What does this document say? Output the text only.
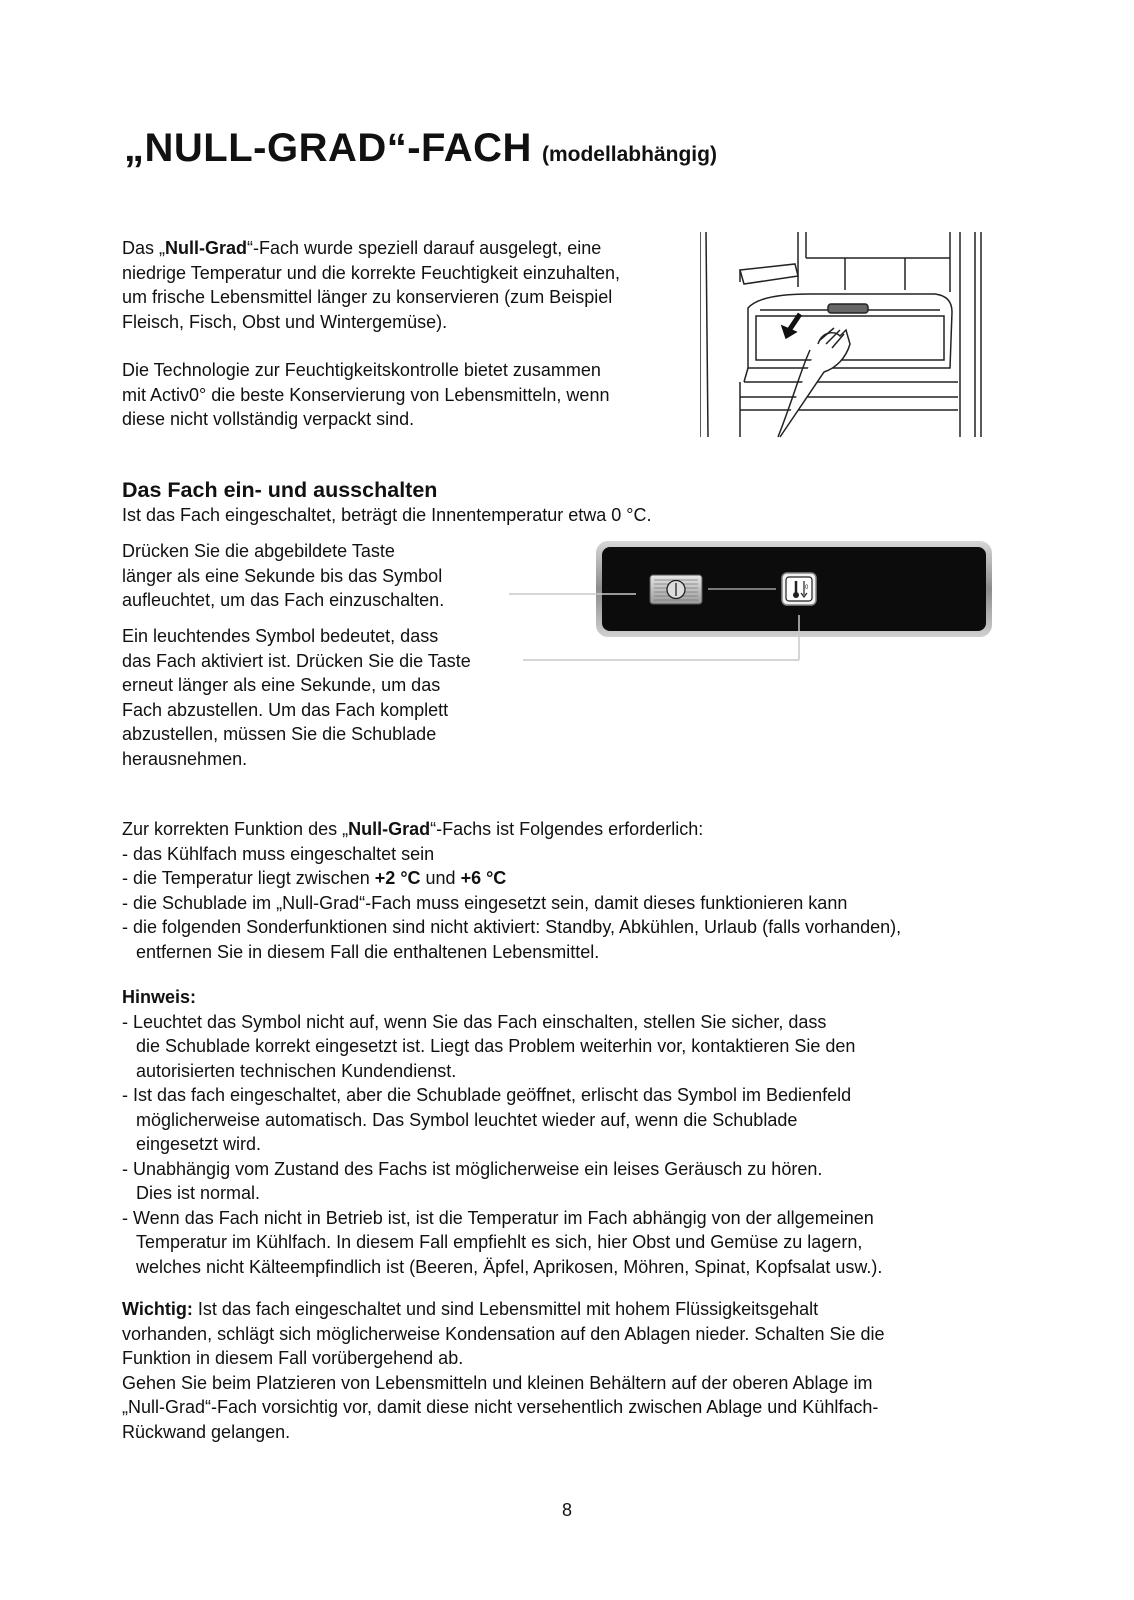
„NULL-GRAD“-FACH (modellabhängig)
Das „Null-Grad“-Fach wurde speziell darauf ausgelegt, eine
niedrige Temperatur und die korrekte Feuchtigkeit einzuhalten,
um frische Lebensmittel länger zu konservieren (zum Beispiel
Fleisch, Fisch, Obst und Wintergemüse).
Die Technologie zur Feuchtigkeitskontrolle bietet zusammen
mit Activ0° die beste Konservierung von Lebensmitteln, wenn
diese nicht vollständig verpackt sind.
Das Fach ein- und ausschalten
Ist das Fach eingeschaltet, beträgt die Innentemperatur etwa 0 °C.
Drücken Sie die abgebildete Taste
länger als eine Sekunde bis das Symbol
aufleuchtet, um das Fach einzuschalten.
Ein leuchtendes Symbol bedeutet, dass
das Fach aktiviert ist. Drücken Sie die Taste
erneut länger als eine Sekunde, um das
Fach abzustellen. Um das Fach komplett
abzustellen, müssen Sie die Schublade
herausnehmen.
0
Zur korrekten Funktion des „Null-Grad“-Fachs ist Folgendes erforderlich:
- das Kühlfach muss eingeschaltet sein
- die Temperatur liegt zwischen +2 °C und +6 °C
- die Schublade im „Null-Grad“-Fach muss eingesetzt sein, damit dieses funktionieren kann
- die folgenden Sonderfunktionen sind nicht aktiviert: Standby, Abkühlen, Urlaub (falls vorhanden),
entfernen Sie in diesem Fall die enthaltenen Lebensmittel.
Hinweis:
- Leuchtet das Symbol nicht auf, wenn Sie das Fach einschalten, stellen Sie sicher, dass
die Schublade korrekt eingesetzt ist. Liegt das Problem weiterhin vor, kontaktieren Sie den
autorisierten technischen Kundendienst.
- Ist das fach eingeschaltet, aber die Schublade geöffnet, erlischt das Symbol im Bedienfeld
möglicherweise automatisch. Das Symbol leuchtet wieder auf, wenn die Schublade
eingesetzt wird.
- Unabhängig vom Zustand des Fachs ist möglicherweise ein leises Geräusch zu hören.
Dies ist normal.
- Wenn das Fach nicht in Betrieb ist, ist die Temperatur im Fach abhängig von der allgemeinen
Temperatur im Kühlfach. In diesem Fall empfiehlt es sich, hier Obst und Gemüse zu lagern,
welches nicht Kälteempfindlich ist (Beeren, Äpfel, Aprikosen, Möhren, Spinat, Kopfsalat usw.).
Wichtig: Ist das fach eingeschaltet und sind Lebensmittel mit hohem Flüssigkeitsgehalt
vorhanden, schlägt sich möglicherweise Kondensation auf den Ablagen nieder. Schalten Sie die
Funktion in diesem Fall vorübergehend ab.
Gehen Sie beim Platzieren von Lebensmitteln und kleinen Behältern auf der oberen Ablage im
„Null-Grad“-Fach vorsichtig vor, damit diese nicht versehentlich zwischen Ablage und Kühlfach-
Rückwand gelangen.
8
